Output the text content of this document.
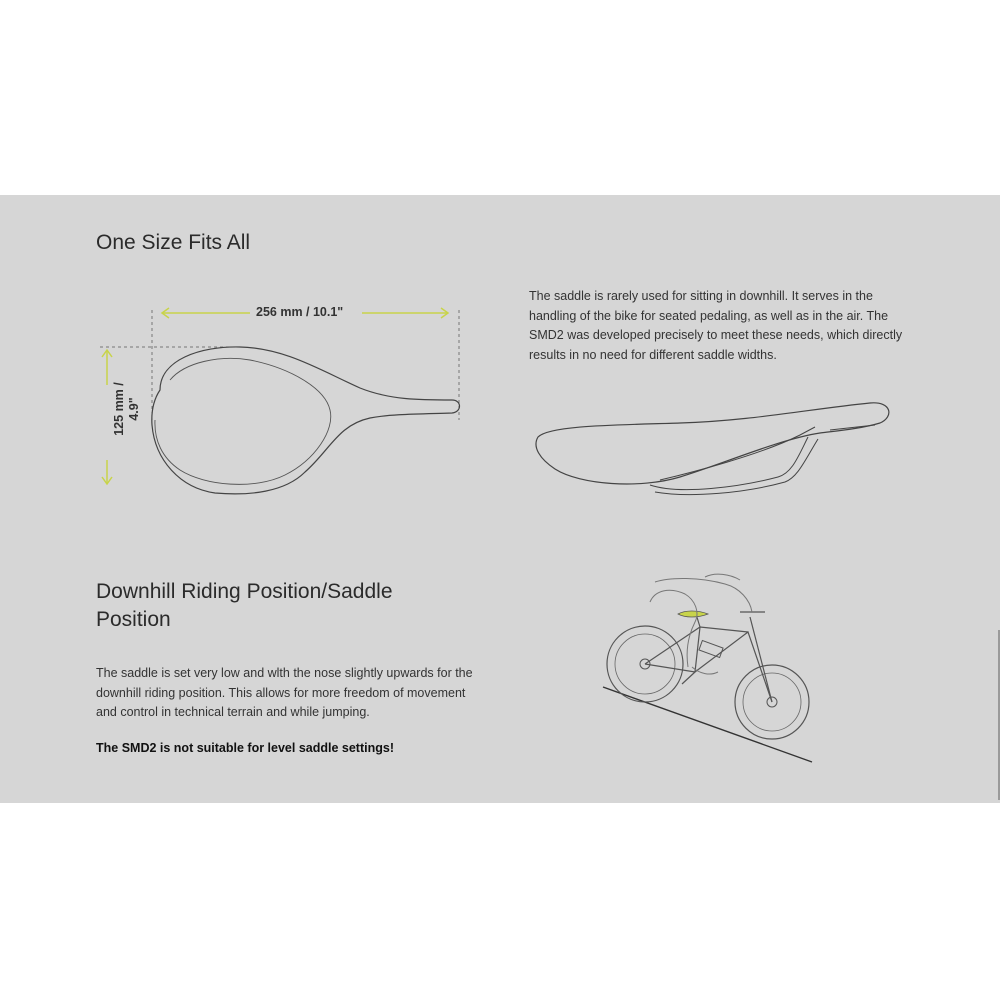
One Size Fits All
256 mm / 10.1"
125 mm / 4.9"

The saddle is rarely used for sitting in downhill. It serves in the handling of the bike for seated pedaling, as well as in the air. The SMD2 was developed precisely to meet these needs, which directly results in no need for different saddle widths.

Downhill Riding Position/Saddle
Position

The saddle is set very low and wlth the nose slightly upwards for the downhill riding position. This allows for more freedom of movement and control in technical terrain and while jumping.

The SMD2 is not suitable for level saddle settings!
